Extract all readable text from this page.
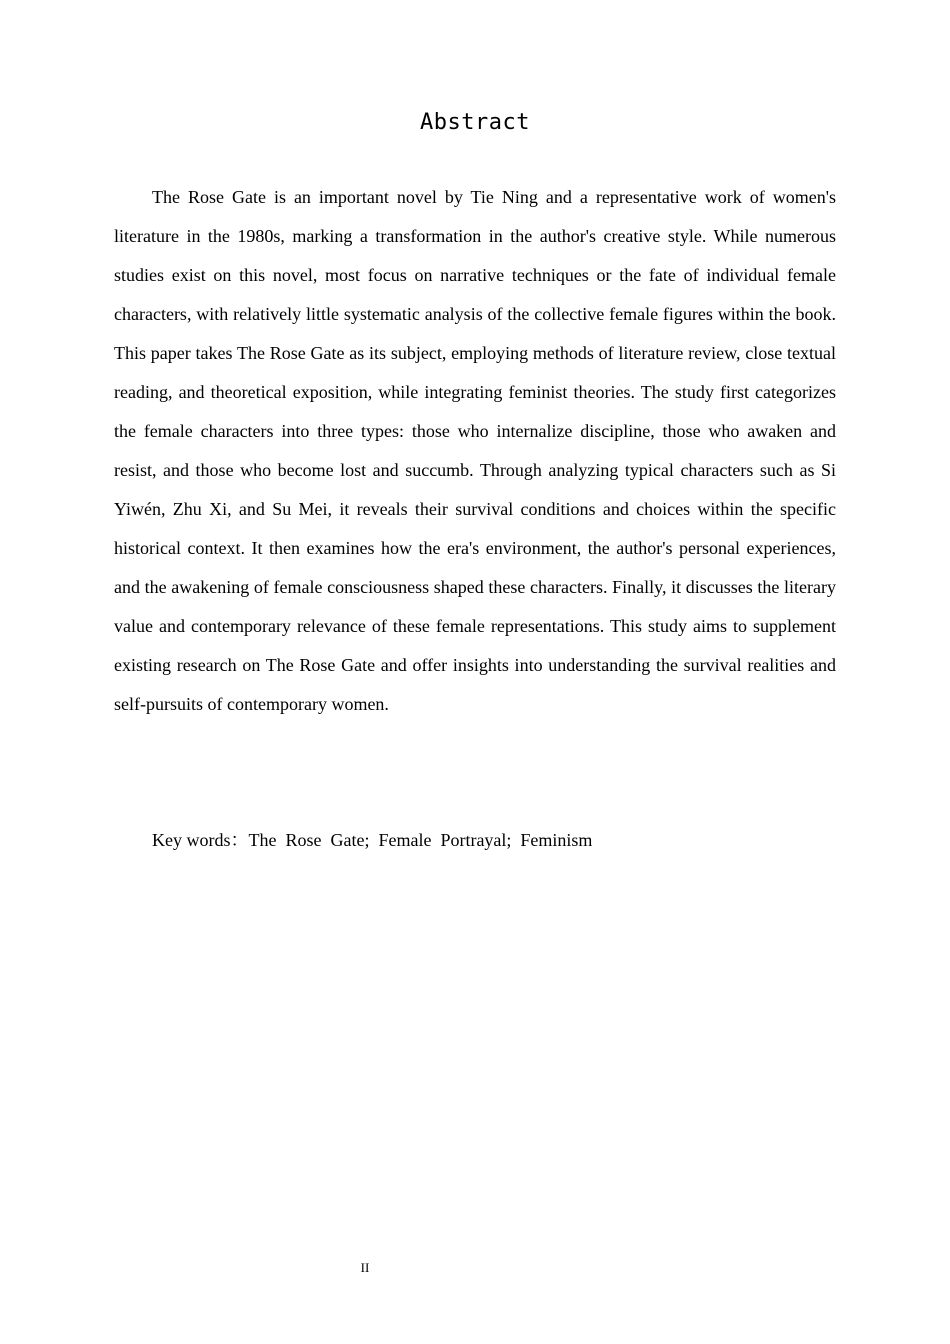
Abstract

The Rose Gate is an important novel by Tie Ning and a representative work of women's literature in the 1980s, marking a transformation in the author's creative style. While numerous studies exist on this novel, most focus on narrative techniques or the fate of individual female characters, with relatively little systematic analysis of the collective female figures within the book. This paper takes The Rose Gate as its subject, employing methods of literature review, close textual reading, and theoretical exposition, while integrating feminist theories. The study first categorizes the female characters into three types: those who internalize discipline, those who awaken and resist, and those who become lost and succumb. Through analyzing typical characters such as Si Yiwén, Zhu Xi, and Su Mei, it reveals their survival conditions and choices within the specific historical context. It then examines how the era's environment, the author's personal experiences, and the awakening of female consciousness shaped these characters. Finally, it discusses the literary value and contemporary relevance of these female representations. This study aims to supplement existing research on The Rose Gate and offer insights into understanding the survival realities and self-pursuits of contemporary women.

Key words：The  Rose  Gate;  Female  Portrayal;  Feminism
II
